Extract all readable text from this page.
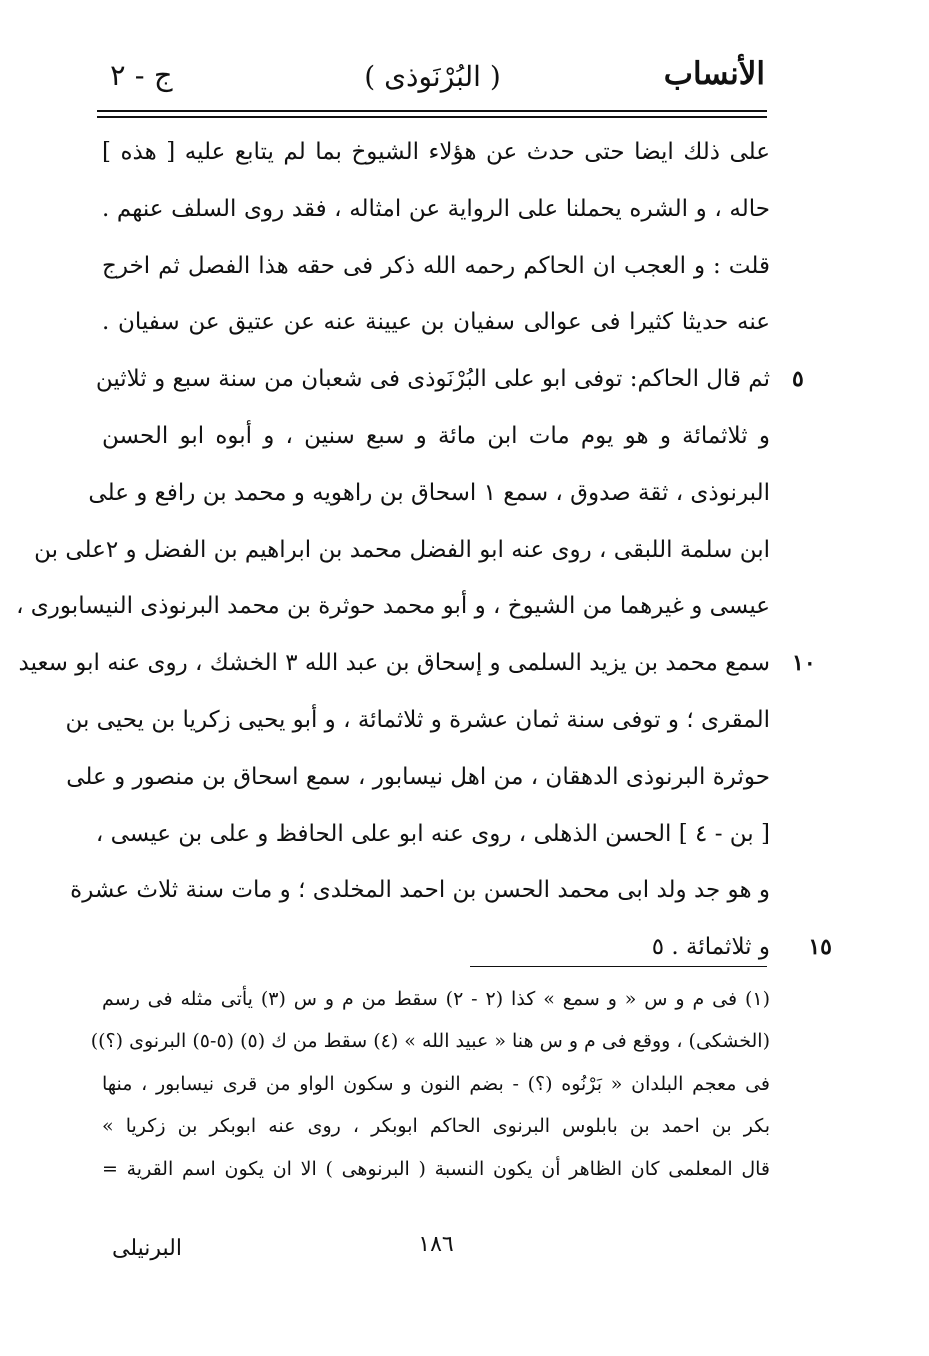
الأنساب
( البُرْنَوذى )
ج - ٢
على ذلك ايضا حتى حدث عن هؤلاء الشيوخ بما لم يتابع عليه [ هذه ]
حاله ، و الشره يحملنا على الرواية عن امثاله ، فقد روى السلف عنهم .
قلت : و العجب ان الحاكم رحمه الله ذكر فى حقه هذا الفصل ثم اخرج
عنه حديثا كثيرا فى عوالى سفيان بن عيينة عنه عن عتيق عن سفيان .
ثم قال الحاكم: توفى ابو على البُرْنَوذى فى شعبان من سنة سبع و ثلاثين ٥
و ثلاثمائة و هو يوم مات ابن مائة و سبع سنين ، و أبوه ابو الحسن
البرنوذى ، ثقة صدوق ، سمع ١ اسحاق بن راهويه و محمد بن رافع و على
ابن سلمة اللبقى ، روى عنه ابو الفضل محمد بن ابراهيم بن الفضل و ٢على بن
عيسى و غيرهما من الشيوخ ، و أبو محمد حوثرة بن محمد البرنوذى النيسابورى ،
سمع محمد بن يزيد السلمى و إسحاق بن عبد الله ٣ الخشك ، روى عنه ابو سعيد ١٠
المقرى ؛ و توفى سنة ثمان عشرة و ثلاثمائة ، و أبو يحيى زكريا بن يحيى بن
حوثرة البرنوذى الدهقان ، من اهل نيسابور ، سمع اسحاق بن منصور و على
[ بن - ٤ ] الحسن الذهلى ، روى عنه ابو على الحافظ و على بن عيسى ،
و هو جد ولد ابى محمد الحسن بن احمد المخلدى ؛ و مات سنة ثلاث عشرة
و ثلاثمائة . ٥	١٥
(١) فى م و س « و سمع » كذا (٢ - ٢) سقط من م و س (٣) يأتى مثله فى رسم
(الخشكى) ، ووقع فى م و س هنا « عبيد الله » (٤) سقط من ك (٥) (٥-٥) البرنوى (؟))
فى معجم البلدان « بَرْنُوه (؟) - بضم النون و سكون الواو من قرى نيسابور ، منها
بكر بن احمد بن بابلوس البرنوى الحاكم ابوبكر ، روى عنه ابوبكر بن زكريا »
قال المعلمى كان الظاهر أن يكون النسبة ( البرنوهى ) الا ان يكون اسم القرية =
١٨٦
البرنيلى
